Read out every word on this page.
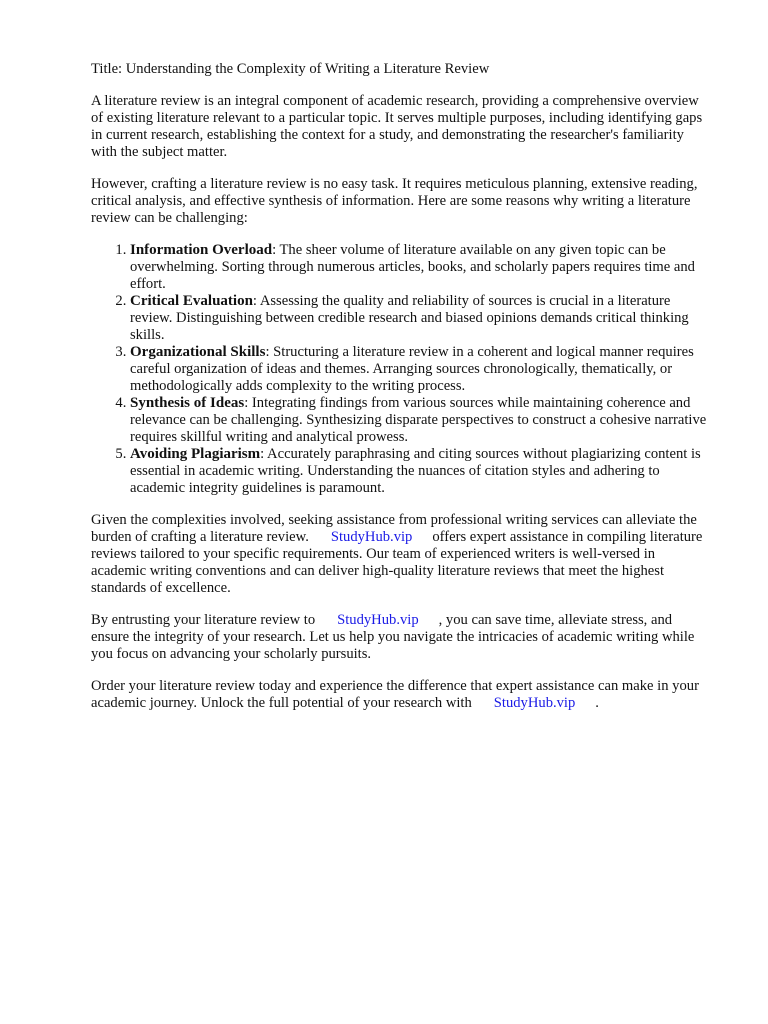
Title: Understanding the Complexity of Writing a Literature Review

A literature review is an integral component of academic research, providing a comprehensive overview of existing literature relevant to a particular topic. It serves multiple purposes, including identifying gaps in current research, establishing the context for a study, and demonstrating the researcher's familiarity with the subject matter.

However, crafting a literature review is no easy task. It requires meticulous planning, extensive reading, critical analysis, and effective synthesis of information. Here are some reasons why writing a literature review can be challenging:

1. Information Overload: The sheer volume of literature available on any given topic can be overwhelming. Sorting through numerous articles, books, and scholarly papers requires time and effort.
2. Critical Evaluation: Assessing the quality and reliability of sources is crucial in a literature review. Distinguishing between credible research and biased opinions demands critical thinking skills.
3. Organizational Skills: Structuring a literature review in a coherent and logical manner requires careful organization of ideas and themes. Arranging sources chronologically, thematically, or methodologically adds complexity to the writing process.
4. Synthesis of Ideas: Integrating findings from various sources while maintaining coherence and relevance can be challenging. Synthesizing disparate perspectives to construct a cohesive narrative requires skillful writing and analytical prowess.
5. Avoiding Plagiarism: Accurately paraphrasing and citing sources without plagiarizing content is essential in academic writing. Understanding the nuances of citation styles and adhering to academic integrity guidelines is paramount.

Given the complexities involved, seeking assistance from professional writing services can alleviate the burden of crafting a literature review. StudyHub.vip offers expert assistance in compiling literature reviews tailored to your specific requirements. Our team of experienced writers is well-versed in academic writing conventions and can deliver high-quality literature reviews that meet the highest standards of excellence.

By entrusting your literature review to StudyHub.vip , you can save time, alleviate stress, and ensure the integrity of your research. Let us help you navigate the intricacies of academic writing while you focus on advancing your scholarly pursuits.

Order your literature review today and experience the difference that expert assistance can make in your academic journey. Unlock the full potential of your research with StudyHub.vip .
